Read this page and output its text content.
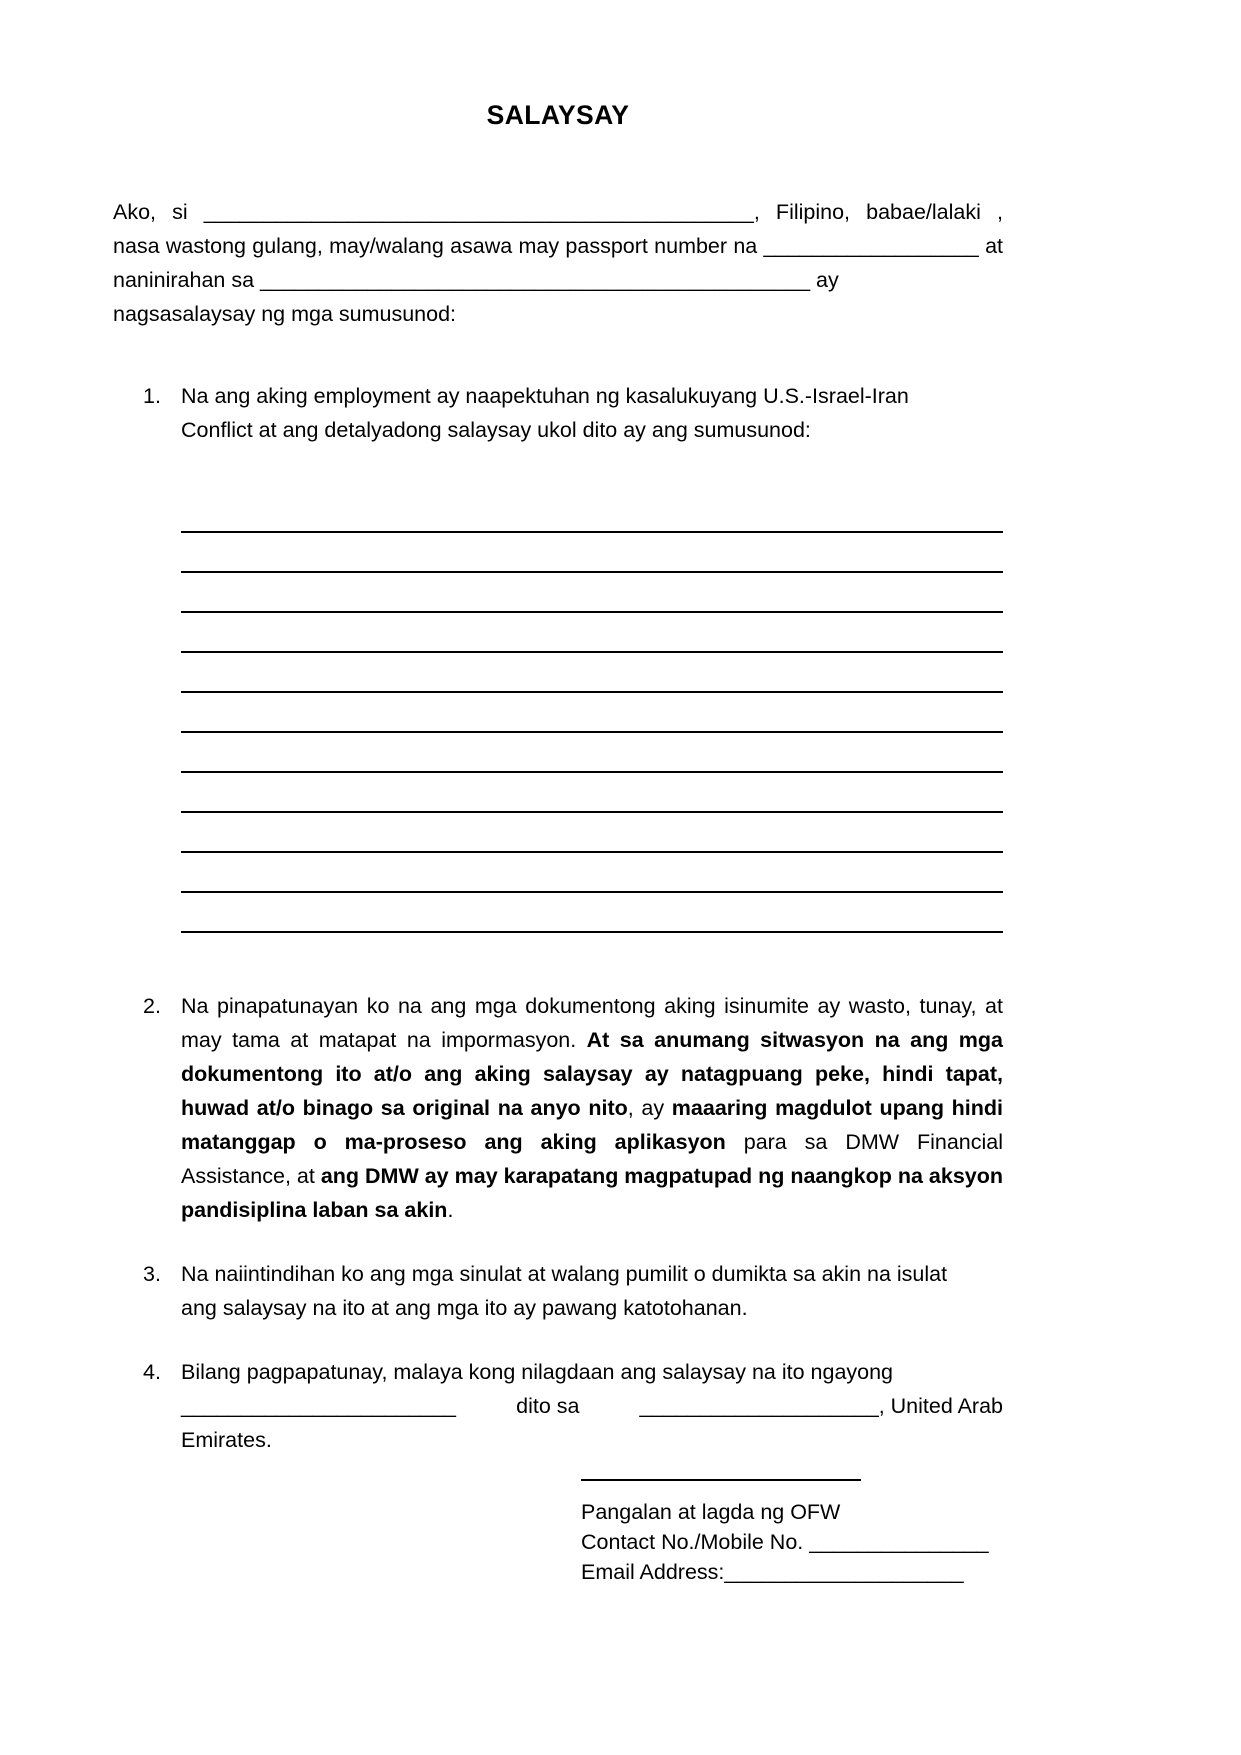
SALAYSAY
Ako, si ______________________________________________, Filipino, babae/lalaki , nasa wastong gulang, may/walang asawa may passport number na __________________ at naninirahan sa ______________________________________________ ay
nagsasalaysay ng mga sumusunod:
1. Na ang aking employment ay naapektuhan ng kasalukuyang U.S.-Israel-Iran

Conflict at ang detalyadong salaysay ukol dito ay ang sumusunod:

2. Na pinapatunayan ko na ang mga dokumentong aking isinumite ay wasto, tunay, at may tama at matapat na impormasyon. At sa anumang sitwasyon na ang mga dokumentong ito at/o ang aking salaysay ay natagpuang peke, hindi tapat, huwad at/o binago sa original na anyo nito, ay maaaring magdulot upang hindi matanggap o ma-proseso ang aking aplikasyon para sa DMW Financial Assistance, at ang DMW ay may karapatang magpatupad ng naangkop na aksyon pandisiplina laban sa akin.

3. Na naiintindihan ko ang mga sinulat at walang pumilit o dumikta sa akin na isulat

ang salaysay na ito at ang mga ito ay pawang katotohanan.

4. Bilang pagpapatunay, malaya kong nilagdaan ang salaysay na ito ngayong

_______________________	dito sa	____________________, United Arab

Emirates.

Pangalan at lagda ng OFW
Contact No./Mobile No. _______________
Email Address:____________________
